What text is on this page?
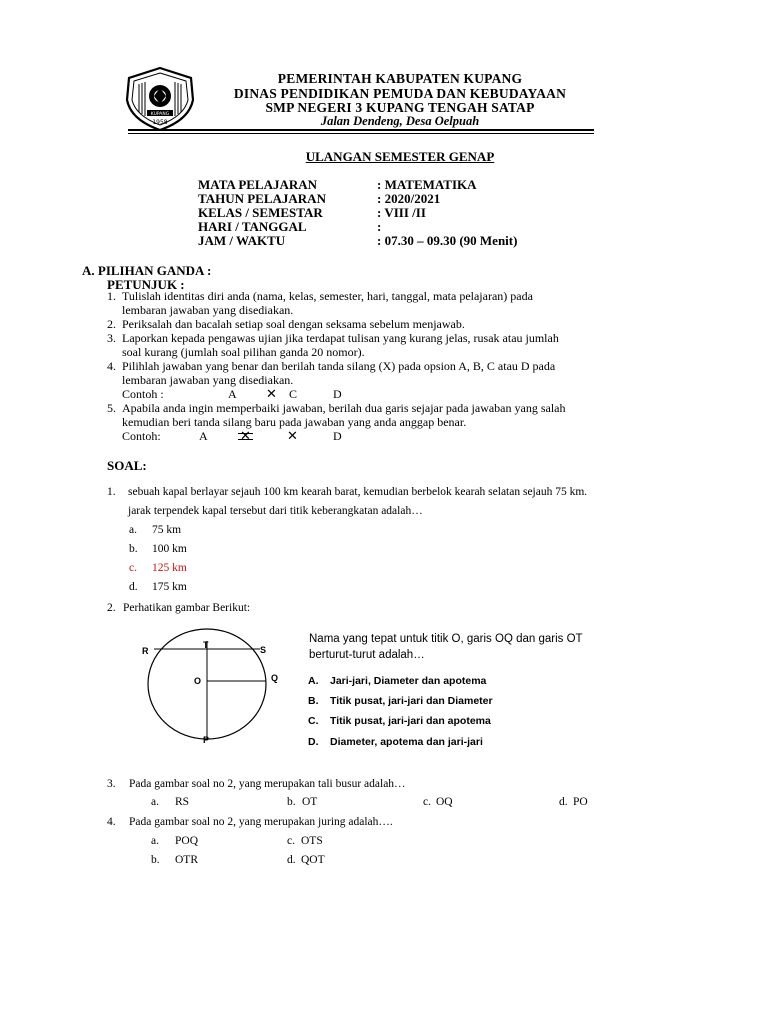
KUPANG
1958
PEMERINTAH KABUPATEN KUPANG
DINAS PENDIDIKAN PEMUDA DAN KEBUDAYAAN
SMP NEGERI 3 KUPANG TENGAH SATAP
Jalan Dendeng, Desa Oelpuah
ULANGAN SEMESTER GENAP
MATA PELAJARAN	: MATEMATIKA
TAHUN PELAJARAN	: 2020/2021
KELAS / SEMESTAR	: VIII /II
HARI / TANGGAL	:
JAM / WAKTU	: 07.30 – 09.30 (90 Menit)
A. PILIHAN GANDA :
PETUNJUK :
1. Tulislah identitas diri anda (nama, kelas, semester, hari, tanggal, mata pelajaran) pada
lembaran jawaban yang disediakan.
2. Periksalah dan bacalah setiap soal dengan seksama sebelum menjawab.
3. Laporkan kepada pengawas ujian jika terdapat tulisan yang kurang jelas, rusak atau jumlah
soal kurang (jumlah soal pilihan ganda 20 nomor).
4. Pilihlah jawaban yang benar dan berilah tanda silang (X) pada opsion A, B, C atau D pada
lembaran jawaban yang disediakan.
Contoh :	A ✕ C	D
5. Apabila anda ingin memperbaiki jawaban, berilah dua garis sejajar pada jawaban yang salah
kemudian beri tanda silang baru pada jawaban yang anda anggap benar.
Contoh:	A ✕	✕	D
SOAL:
1. sebuah kapal berlayar sejauh 100 km kearah barat, kemudian berbelok kearah selatan sejauh 75 km.
jarak terpendek kapal tersebut dari titik keberangkatan adalah…
a. 75 km
b. 100 km
c. 125 km
d. 175 km
2. Perhatikan gambar Berikut:
R
T	S
O	Q
P
Nama yang tepat untuk titik O, garis OQ dan garis OT
berturut-turut adalah…
A. Jari-jari, Diameter dan apotema
B. Titik pusat, jari-jari dan Diameter
C. Titik pusat, jari-jari dan apotema
D. Diameter, apotema dan jari-jari
3. Pada gambar soal no 2, yang merupakan tali busur adalah…
a. RS	b. OT	c. OQ	d. PO
4. Pada gambar soal no 2, yang merupakan juring adalah….
a. POQ	c. OTS
b. OTR	d. QOT
